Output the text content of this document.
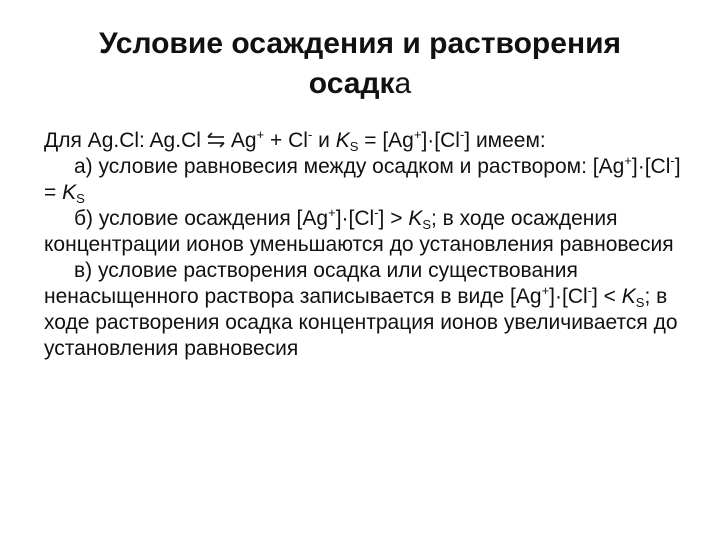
Условие осаждения и растворения
осадка

Для Ag.Cl: Ag.Cl ⇌ Ag+ + Cl- и $K_S = [Ag^+]\cdot[Cl^-]$ имеем:

а) условие равновесия между осадком и раствором: $[Ag^+]\cdot[Cl^-] = K_S$

б) условие осаждения $[Ag^+]\cdot[Cl^-] > K_S$; в ходе осаждения концентрации ионов уменьшаются до установления равновесия

в) условие растворения осадка или существования ненасыщенного раствора записывается в виде $[Ag^+]\cdot[Cl^-] < K_S$; в ходе растворения осадка концентрация ионов увеличивается до установления равновесия
